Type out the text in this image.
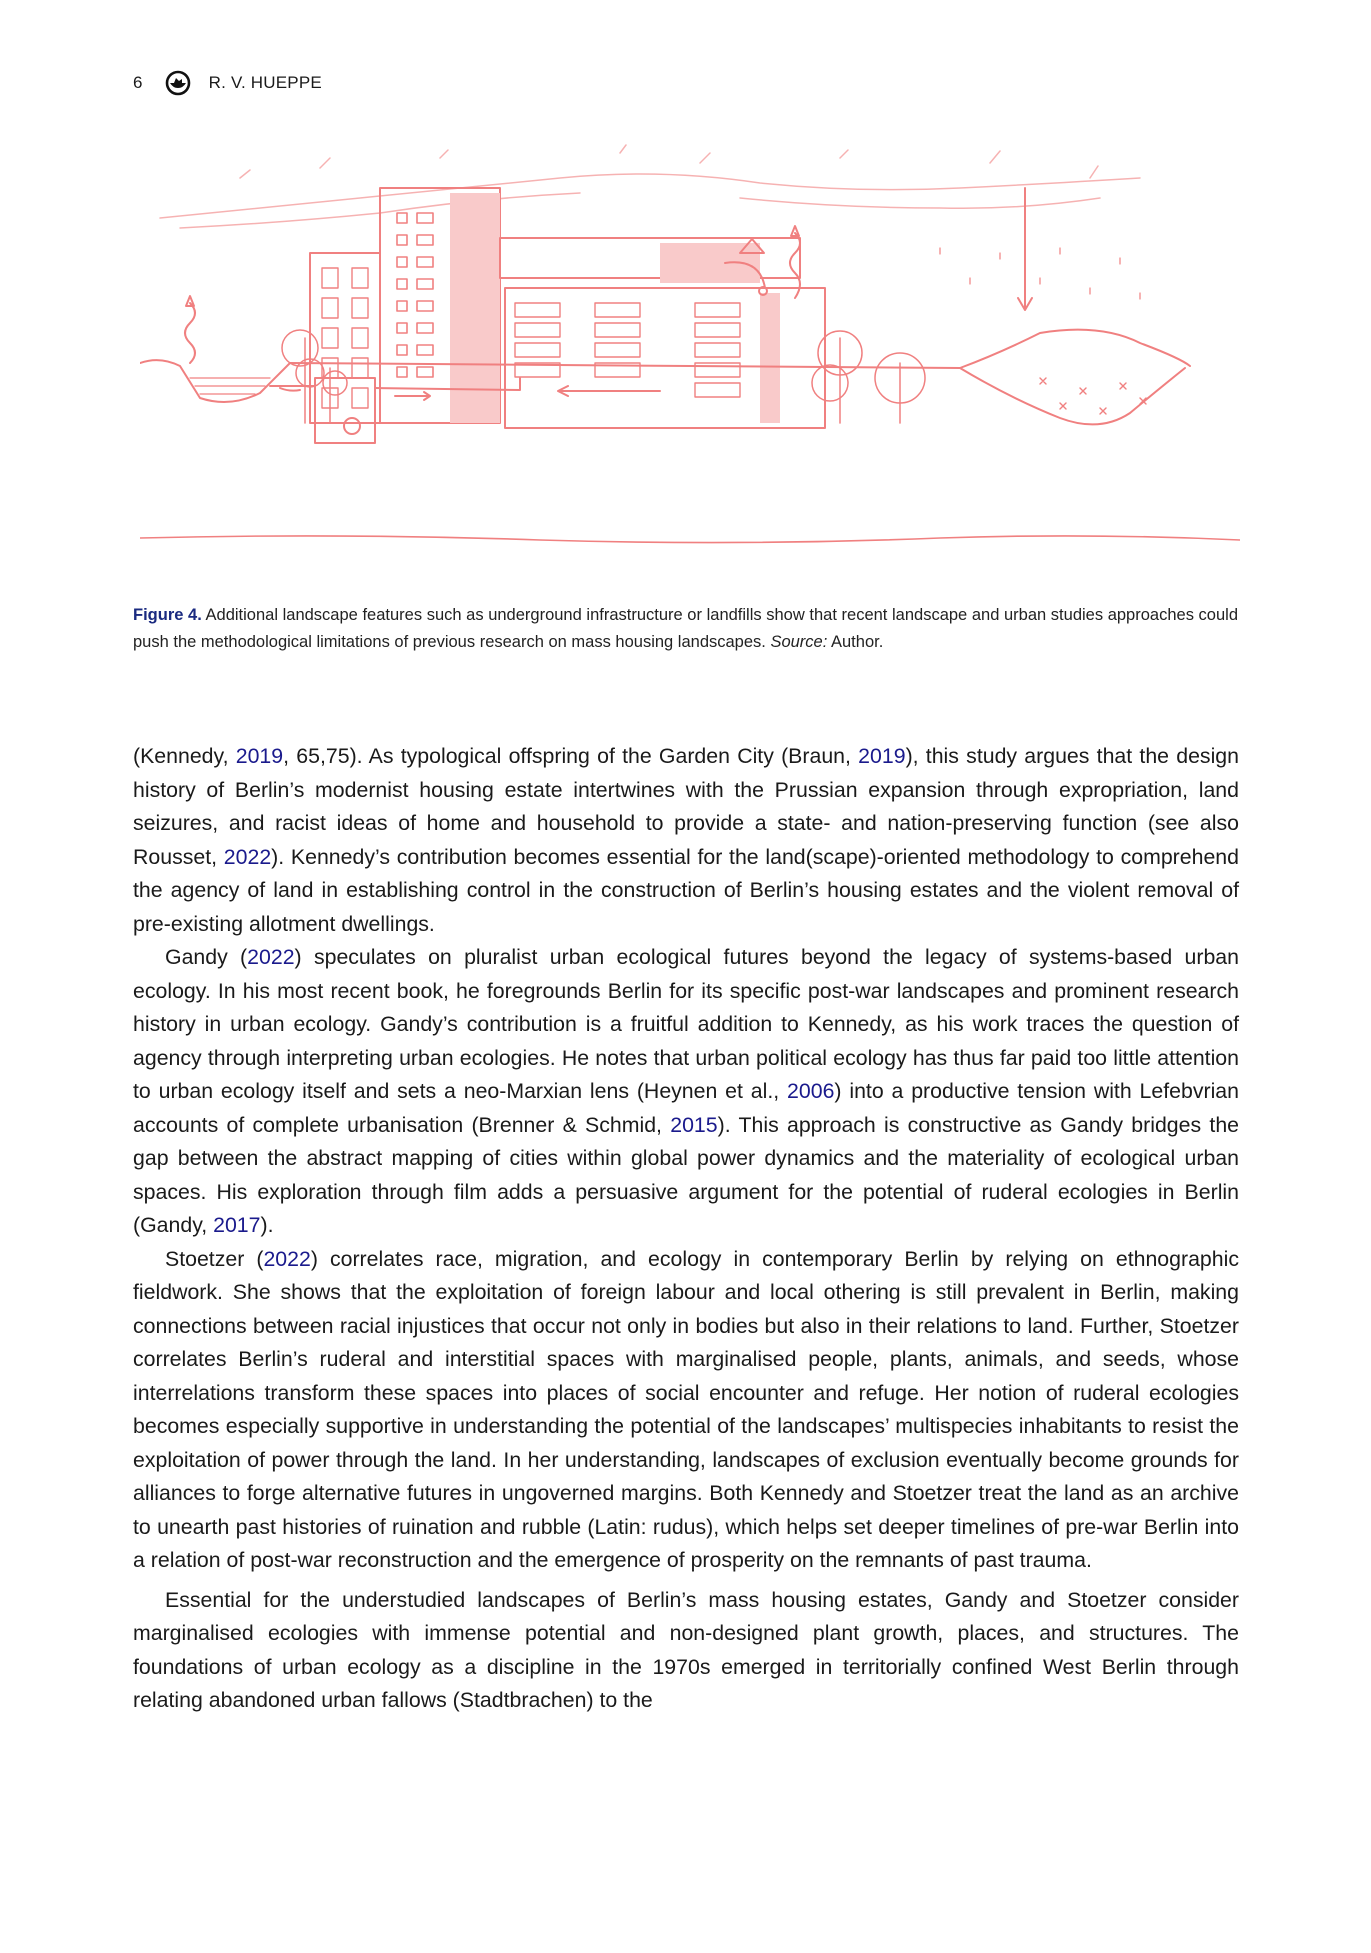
6	R. V. HUEPPE
Figure 4. Additional landscape features such as underground infrastructure or landfills show that recent landscape and urban studies approaches could push the methodological limitations of previous research on mass housing landscapes. Source: Author.

(Kennedy, 2019, 65,75). As typological offspring of the Garden City (Braun, 2019), this study argues that the design history of Berlin’s modernist housing estate intertwines with the Prussian expansion through expropriation, land seizures, and racist ideas of home and household to provide a state- and nation-preserving function (see also Rousset, 2022). Kennedy’s contribution becomes essential for the land(scape)-oriented methodology to comprehend the agency of land in establishing control in the construction of Berlin’s housing estates and the violent removal of pre-existing allotment dwellings.

Gandy (2022) speculates on pluralist urban ecological futures beyond the legacy of systems-based urban ecology. In his most recent book, he foregrounds Berlin for its specific post-war landscapes and prominent research history in urban ecology. Gandy’s contribution is a fruitful addition to Kennedy, as his work traces the question of agency through interpreting urban ecologies. He notes that urban political ecology has thus far paid too little attention to urban ecology itself and sets a neo-Marxian lens (Heynen et al., 2006) into a productive tension with Lefebvrian accounts of complete urbanisation (Brenner & Schmid, 2015). This approach is constructive as Gandy bridges the gap between the abstract mapping of cities within global power dynamics and the materiality of ecological urban spaces. His exploration through film adds a persuasive argument for the potential of ruderal ecologies in Berlin (Gandy, 2017).

Stoetzer (2022) correlates race, migration, and ecology in contemporary Berlin by relying on ethnographic fieldwork. She shows that the exploitation of foreign labour and local othering is still prevalent in Berlin, making connections between racial injustices that occur not only in bodies but also in their relations to land. Further, Stoetzer correlates Berlin’s ruderal and interstitial spaces with marginalised people, plants, animals, and seeds, whose interrelations transform these spaces into places of social encounter and refuge. Her notion of ruderal ecologies becomes especially supportive in understanding the potential of the landscapes’ multispecies inhabitants to resist the exploitation of power through the land. In her understanding, landscapes of exclusion eventually become grounds for alliances to forge alternative futures in ungoverned margins. Both Kennedy and Stoetzer treat the land as an archive to unearth past histories of ruination and rubble (Latin: rudus), which helps set deeper timelines of pre-war Berlin into a relation of post-war reconstruction and the emergence of prosperity on the remnants of past trauma.

Essential for the understudied landscapes of Berlin’s mass housing estates, Gandy and Stoetzer consider marginalised ecologies with immense potential and non-designed plant growth, places, and structures. The foundations of urban ecology as a discipline in the 1970s emerged in territorially confined West Berlin through relating abandoned urban fallows (Stadtbrachen) to the
